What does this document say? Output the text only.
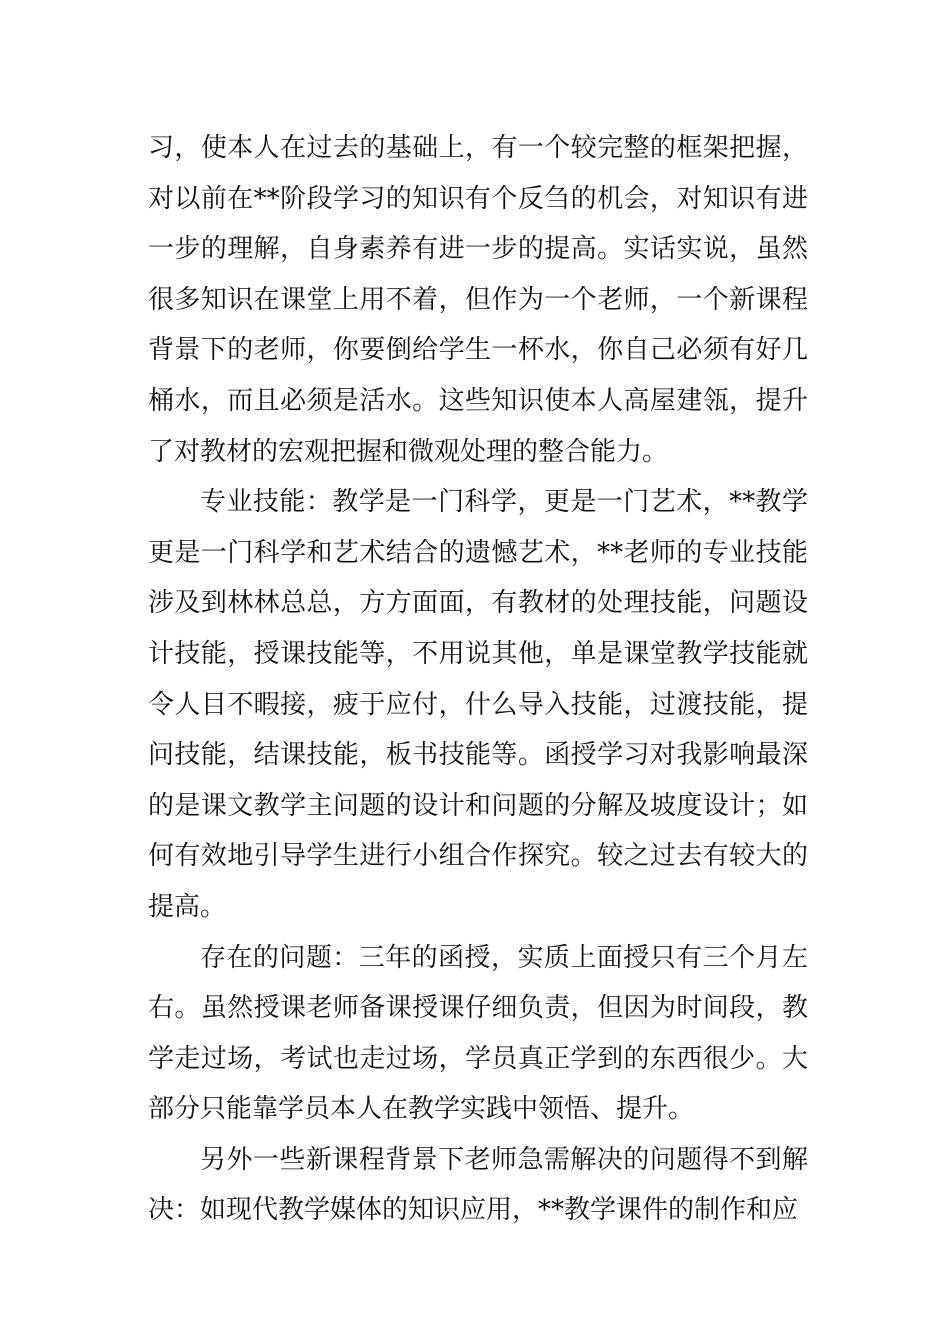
习，使本人在过去的基础上，有一个较完整的框架把握，对以前在**阶段学习的知识有个反刍的机会，对知识有进一步的理解，自身素养有进一步的提高。实话实说，虽然很多知识在课堂上用不着，但作为一个老师，一个新课程背景下的老师，你要倒给学生一杯水，你自己必须有好几桶水，而且必须是活水。这些知识使本人高屋建瓴，提升了对教材的宏观把握和微观处理的整合能力。

专业技能：教学是一门科学，更是一门艺术，**教学更是一门科学和艺术结合的遗憾艺术，**老师的专业技能涉及到林林总总，方方面面，有教材的处理技能，问题设计技能，授课技能等，不用说其他，单是课堂教学技能就令人目不暇接，疲于应付，什么导入技能，过渡技能，提问技能，结课技能，板书技能等。函授学习对我影响最深的是课文教学主问题的设计和问题的分解及坡度设计；如何有效地引导学生进行小组合作探究。较之过去有较大的提高。

存在的问题：三年的函授，实质上面授只有三个月左右。虽然授课老师备课授课仔细负责，但因为时间段，教学走过场，考试也走过场，学员真正学到的东西很少。大部分只能靠学员本人在教学实践中领悟、提升。

另外一些新课程背景下老师急需解决的问题得不到解决：如现代教学媒体的知识应用，**教学课件的制作和应
